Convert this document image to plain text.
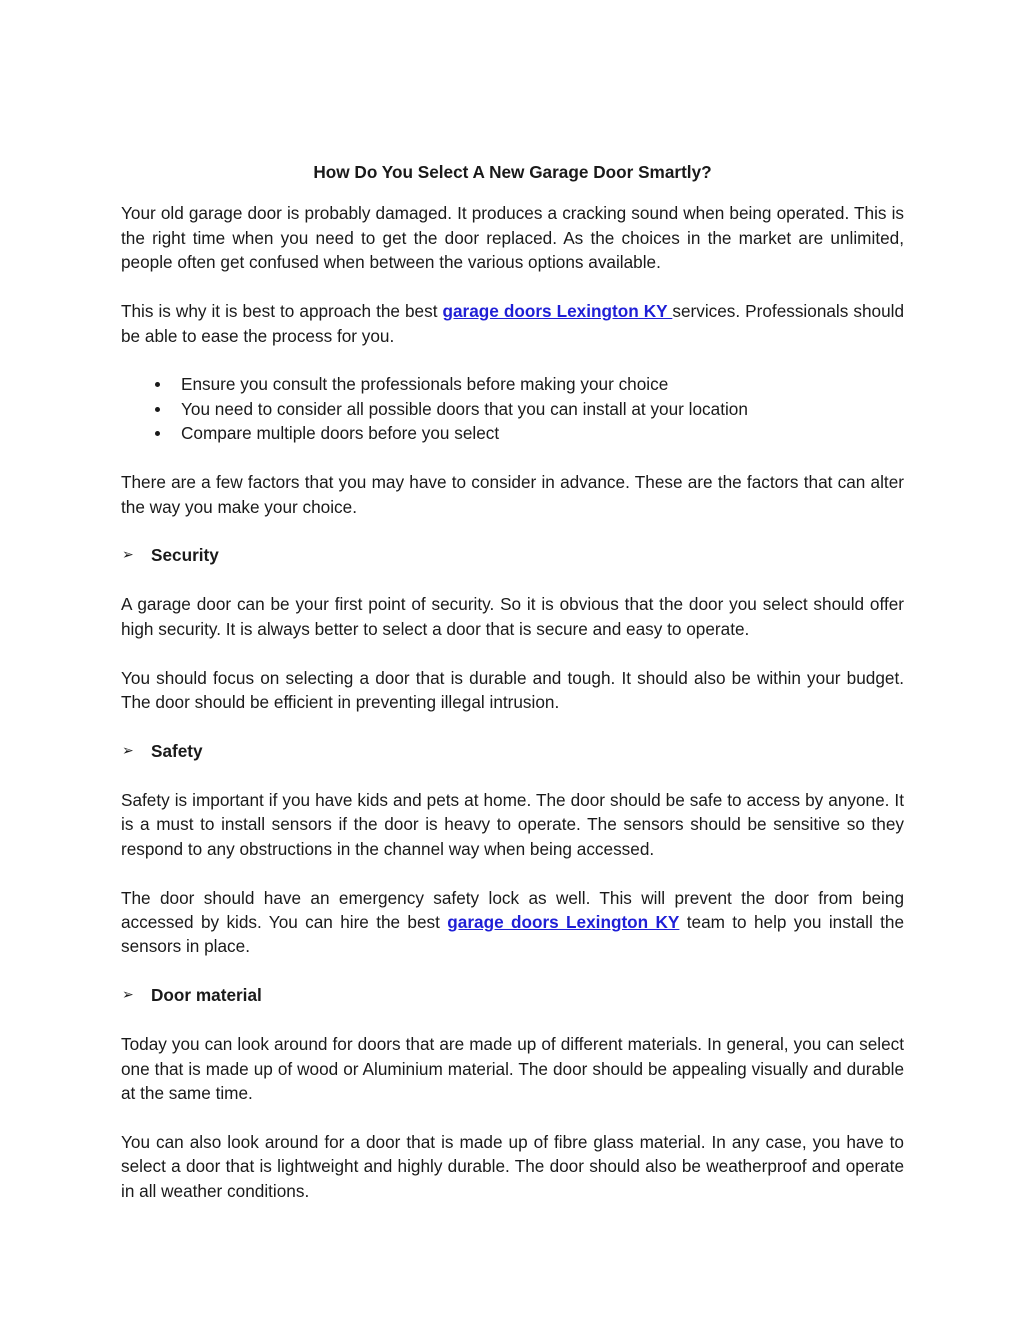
How Do You Select A New Garage Door Smartly?

Your old garage door is probably damaged. It produces a cracking sound when being operated. This is the right time when you need to get the door replaced. As the choices in the market are unlimited, people often get confused when between the various options available.

This is why it is best to approach the best garage doors Lexington KY services. Professionals should be able to ease the process for you.

Ensure you consult the professionals before making your choice
You need to consider all possible doors that you can install at your location
Compare multiple doors before you select

There are a few factors that you may have to consider in advance. These are the factors that can alter the way you make your choice.

➢ Security

A garage door can be your first point of security. So it is obvious that the door you select should offer high security. It is always better to select a door that is secure and easy to operate.

You should focus on selecting a door that is durable and tough. It should also be within your budget. The door should be efficient in preventing illegal intrusion.

➢ Safety

Safety is important if you have kids and pets at home. The door should be safe to access by anyone. It is a must to install sensors if the door is heavy to operate. The sensors should be sensitive so they respond to any obstructions in the channel way when being accessed.

The door should have an emergency safety lock as well. This will prevent the door from being accessed by kids. You can hire the best garage doors Lexington KY team to help you install the sensors in place.

➢ Door material

Today you can look around for doors that are made up of different materials. In general, you can select one that is made up of wood or Aluminium material. The door should be appealing visually and durable at the same time.

You can also look around for a door that is made up of fibre glass material. In any case, you have to select a door that is lightweight and highly durable. The door should also be weatherproof and operate in all weather conditions.
